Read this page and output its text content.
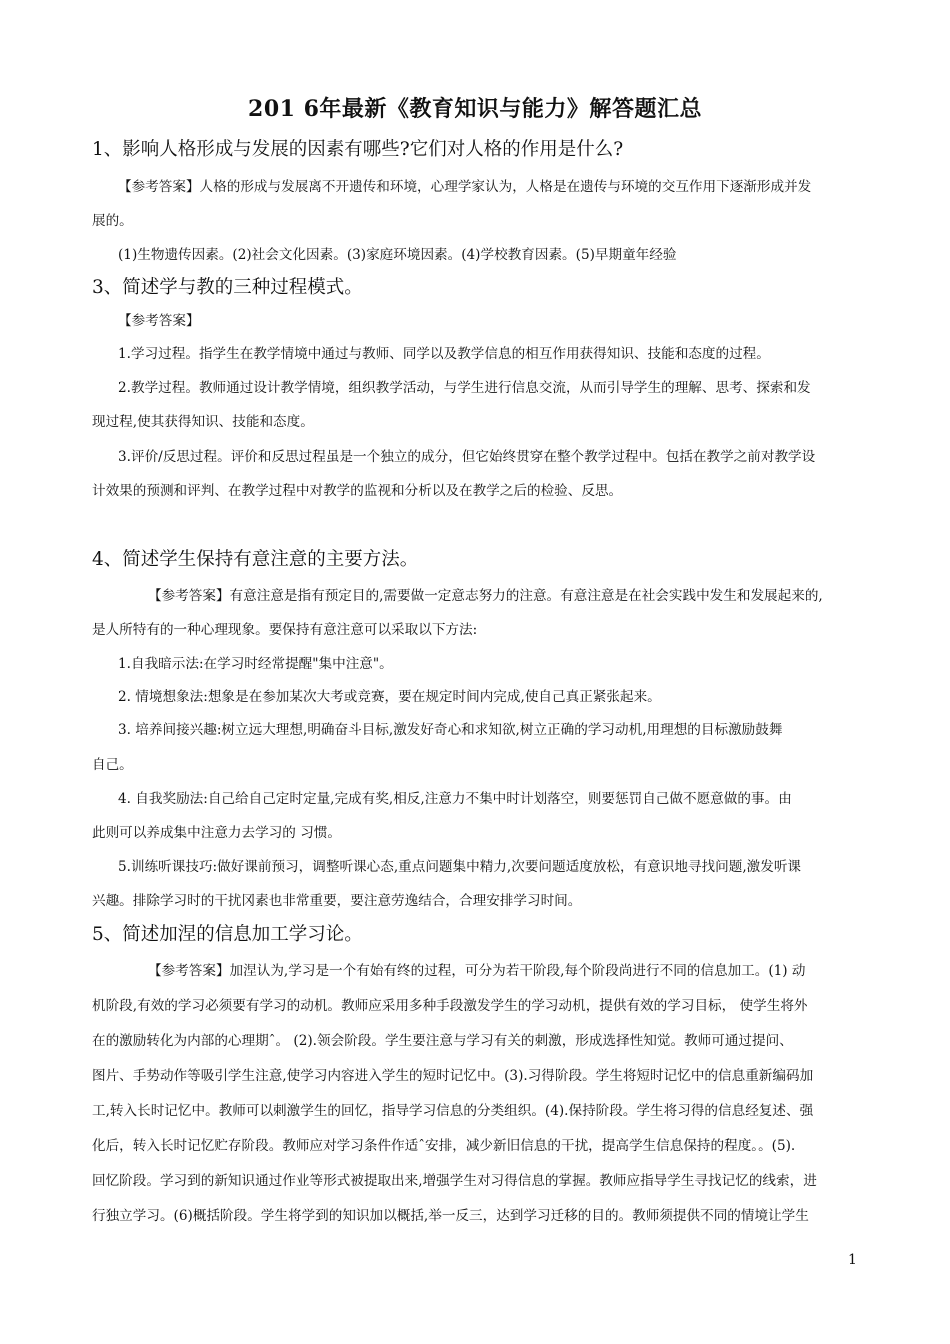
201 6年最新《教育知识与能力》解答题汇总
1、影响人格形成与发展的因素有哪些?它们对人格的作用是什么?
【参考答案】人格的形成与发展离不开遗传和环境，心理学家认为，人格是在遗传与环境的交互作用下逐渐形成并发
展的。
(1)生物遗传因素。(2)社会文化因素。(3)家庭环境因素。(4)学校教育因素。(5)早期童年经验
3、简述学与教的三种过程模式。
【参考答案】
1.学习过程。指学生在教学情境中通过与教师、同学以及教学信息的相互作用获得知识、技能和态度的过程。
2.教学过程。教师通过设计教学情境，组织教学活动，与学生进行信息交流，从而引导学生的理解、思考、探索和发
现过程,使其获得知识、技能和态度。
3.评价/反思过程。评价和反思过程虽是一个独立的成分，但它始终贯穿在整个教学过程中。包括在教学之前对教学设
计效果的预测和评判、在教学过程中对教学的监视和分析以及在教学之后的检验、反思。
4、简述学生保持有意注意的主要方法。
【参考答案】有意注意是指有预定目的,需要做一定意志努力的注意。有意注意是在社会实践中发生和发展起来的,
是人所特有的一种心理现象。要保持有意注意可以采取以下方法:
1.自我暗示法:在学习时经常提醒"集中注意"。
2. 情境想象法:想象是在参加某次大考或竞赛，要在规定时间内完成,使自己真正紧张起来。
3. 培养间接兴趣:树立远大理想,明确奋斗目标,激发好奇心和求知欲,树立正确的学习动机,用理想的目标激励鼓舞
自己。
4. 自我奖励法:自己给自己定时定量,完成有奖,相反,注意力不集中时计划落空，则要惩罚自己做不愿意做的事。由
此则可以养成集中注意力去学习的 习惯。
5.训练听课技巧:做好课前预习，调整听课心态,重点问题集中精力,次要问题适度放松，有意识地寻找问题,激发听课
兴趣。排除学习时的干扰冈素也非常重要，要注意劳逸结合，合理安排学习时间。
5、简述加涅的信息加工学习论。
【参考答案】加涅认为,学习是一个有始有终的过程，可分为若干阶段,每个阶段尚进行不同的信息加工。(1) 动
机阶段,有效的学习必须要有学习的动机。教师应采用多种手段激发学生的学习动机，提供有效的学习目标， 使学生将外
在的激励转化为内部的心理期ˆ。 (2).领会阶段。学生要注意与学习有关的刺激，形成选择性知觉。教师可通过提问、
图片、手势动作等吸引学生注意,使学习内容进入学生的短时记忆中。(3).习得阶段。学生将短时记忆中的信息重新编码加
工,转入长时记忆中。教师可以刺激学生的回忆，指导学习信息的分类组织。(4).保持阶段。学生将习得的信息经复述、强
化后，转入长时记忆贮存阶段。教师应对学习条件作适ˆ安排，减少新旧信息的干扰，提高学生信息保持的程度。。(5).
回忆阶段。学习到的新知识通过作业等形式被提取出来,增强学生对习得信息的掌握。教师应指导学生寻找记忆的线索，进
行独立学习。(6)概括阶段。学生将学到的知识加以概括,举一反三，达到学习迁移的目的。教师须提供不同的情境让学生
1
